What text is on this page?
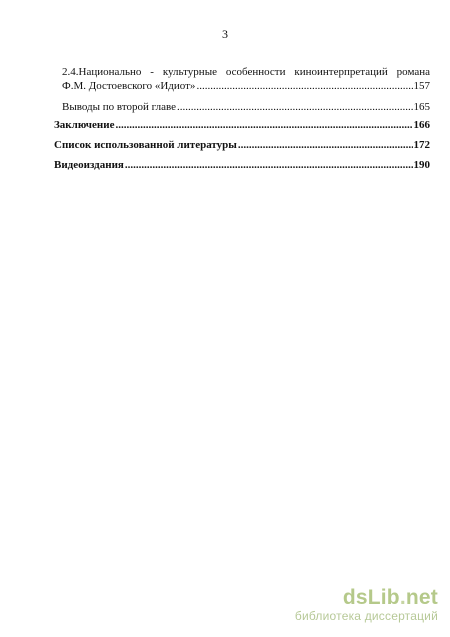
3
2.4.Национально - культурные особенности киноинтерпретаций романа
Ф.М. Достоевского «Идиот» .....	157
Выводы по второй главе .....	165
Заключение .....	166
Список использованной литературы .....	172
Видеоиздания .....	190
dsLib.net
библиотека диссертаций
